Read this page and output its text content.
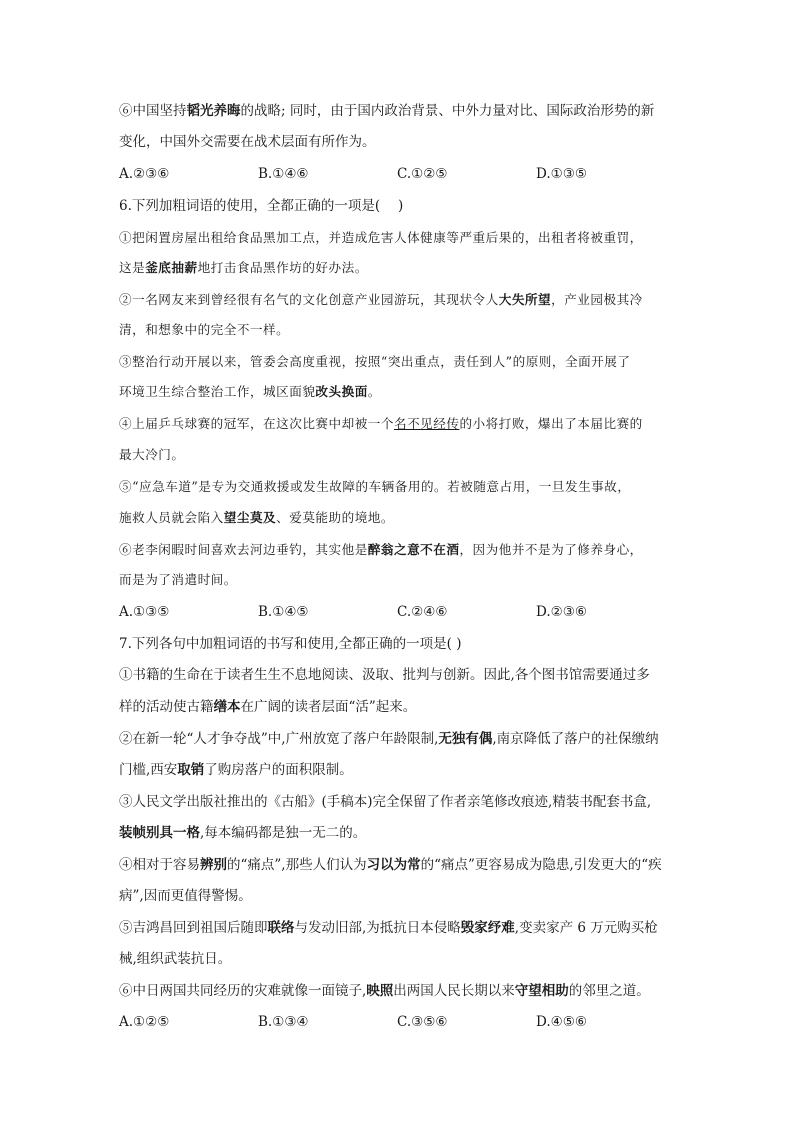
⑥中国坚持韬光养晦的战略; 同时，由于国内政治背景、中外力量对比、国际政治形势的新
变化，中国外交需要在战术层面有所作为。
A.②③⑥	B.①④⑥	C.①②⑤	D.①③⑤
6.下列加粗词语的使用，全都正确的一项是(　 )
①把闲置房屋出租给食品黑加工点，并造成危害人体健康等严重后果的，出租者将被重罚，
这是釜底抽薪地打击食品黑作坊的好办法。
②一名网友来到曾经很有名气的文化创意产业园游玩，其现状令人大失所望，产业园极其冷
清，和想象中的完全不一样。
③整治行动开展以来，管委会高度重视，按照“突出重点，责任到人”的原则，全面开展了
环境卫生综合整治工作，城区面貌改头换面。
④上届乒乓球赛的冠军，在这次比赛中却被一个名不见经传的小将打败，爆出了本届比赛的
最大冷门。
⑤“应急车道”是专为交通救援或发生故障的车辆备用的。若被随意占用，一旦发生事故，
施救人员就会陷入望尘莫及、爱莫能助的境地。
⑥老李闲暇时间喜欢去河边垂钓，其实他是醉翁之意不在酒，因为他并不是为了修养身心，
而是为了消遣时间。
A.①③⑤	B.①④⑤	C.②④⑥	D.②③⑥
7.下列各句中加粗词语的书写和使用,全都正确的一项是( )
①书籍的生命在于读者生生不息地阅读、汲取、批判与创新。因此,各个图书馆需要通过多
样的活动使古籍缮本在广阔的读者层面“活”起来。
②在新一轮“人才争夺战”中,广州放宽了落户年龄限制,无独有偶,南京降低了落户的社保缴纳
门槛,西安取销了购房落户的面积限制。
③人民文学出版社推出的《古船》(手稿本)完全保留了作者亲笔修改痕迹,精装书配套书盒,
装帧别具一格,每本编码都是独一无二的。
④相对于容易辨别的“痛点”,那些人们认为习以为常的“痛点”更容易成为隐患,引发更大的“疾
病”,因而更值得警惕。
⑤吉鸿昌回到祖国后随即联络与发动旧部,为抵抗日本侵略毁家纾难,变卖家产 6 万元购买枪
械,组织武装抗日。
⑥中日两国共同经历的灾难就像一面镜子,映照出两国人民长期以来守望相助的邻里之道。
A.①②⑤	B.①③④	C.③⑤⑥	D.④⑤⑥
